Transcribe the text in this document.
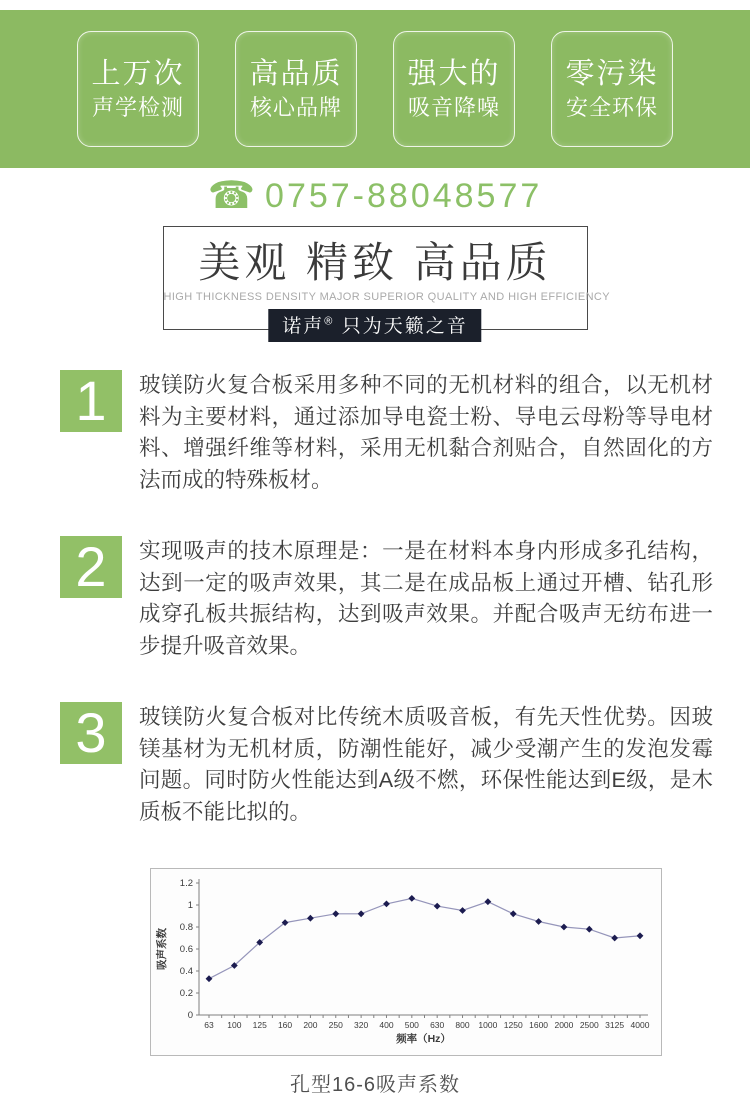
上万次
声学检测
高品质
核心品牌
强大的
吸音降噪
零污染
安全环保
☎ 0757-88048577
美观 精致 高品质
HIGH THICKNESS DENSITY MAJOR SUPERIOR QUALITY AND HIGH EFFICIENCY
诺声® 只为天籁之音
1	玻镁防火复合板采用多种不同的无机材料的组合，以无机材料为主要材料，通过添加导电瓷士粉、导电云母粉等导电材料、增强纤维等材料，采用无机黏合剂贴合，自然固化的方法而成的特殊板材。
2	实现吸声的技木原理是：一是在材料本身内形成多孔结构，达到一定的吸声效果，其二是在成品板上通过开槽、钻孔形成穿孔板共振结构，达到吸声效果。并配合吸声无纺布进一步提升吸音效果。
3	玻镁防火复合板对比传统木质吸音板，有先天性优势。因玻镁基材为无机材质，防潮性能好，减少受潮产生的发泡发霉问题。同时防火性能达到A级不燃，环保性能达到E级，是木质板不能比拟的。
0
0.2
0.4
0.6
0.8
1
1.2
63 100 125 160 200 250 320 400 500 630 800 1000 1250 1600 2000 2500 3125 4000
频率（Hz）
吸声系数
孔型16-6吸声系数
